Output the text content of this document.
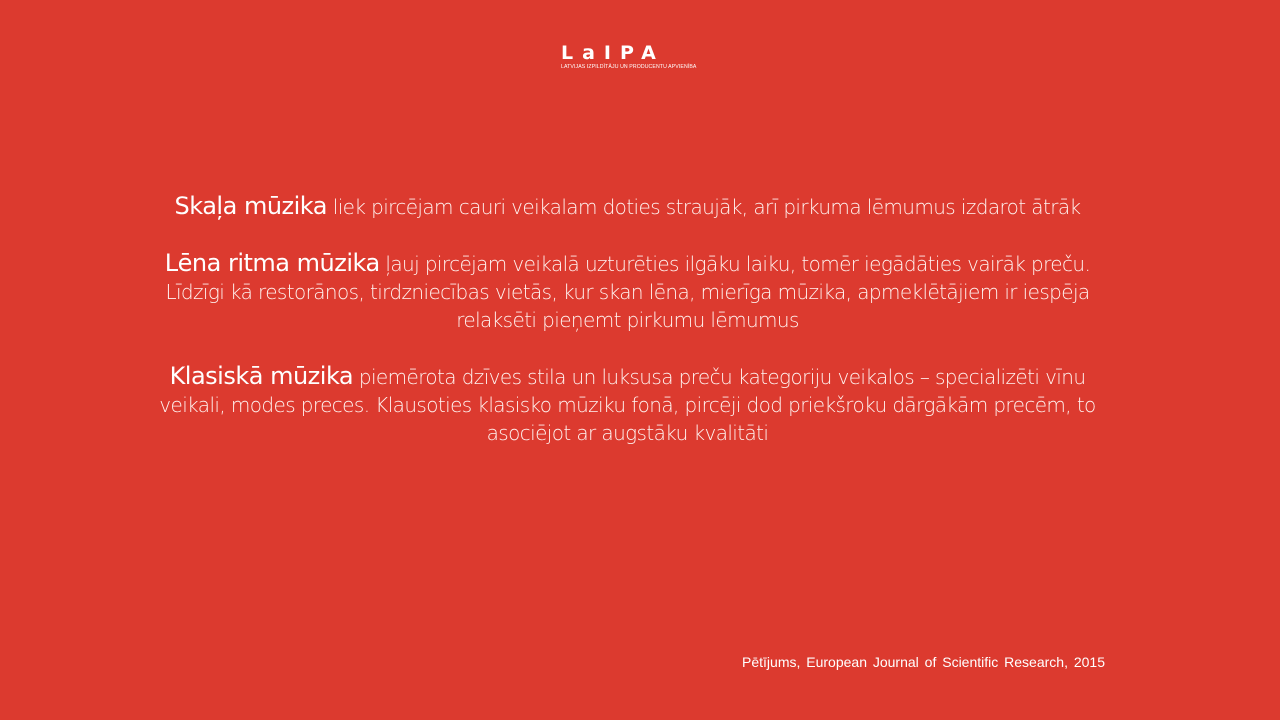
LaIPA
LATVIJAS IZPILDĪTĀJU UN PRODUCENTU APVIENĪBA

Skaļa mūzika liek pircējam cauri veikalam doties straujāk, arī pirkuma lēmumus izdarot ātrāk

Lēna ritma mūzika ļauj pircējam veikalā uzturēties ilgāku laiku, tomēr iegādāties vairāk preču. Līdzīgi kā restorānos, tirdzniecības vietās, kur skan lēna, mierīga mūzika, apmeklētājiem ir iespēja relaksēti pieņemt pirkumu lēmumus

Klasiskā mūzika piemērota dzīves stila un luksusa preču kategoriju veikalos – specializēti vīnu veikali, modes preces. Klausoties klasisko mūziku fonā, pircēji dod priekšroku dārgākām precēm, to asociējot ar augstāku kvalitāti

Pētījums, European Journal of Scientific Research, 2015
